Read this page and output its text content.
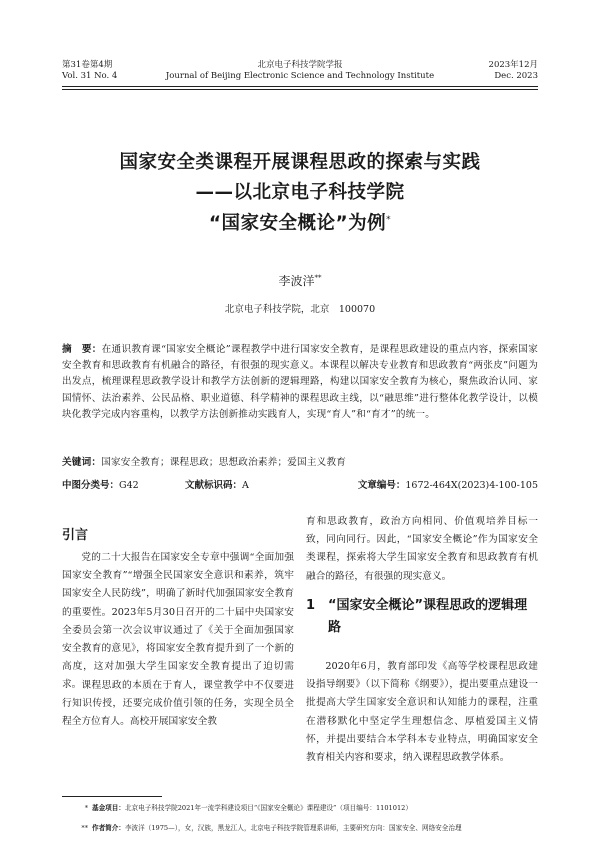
第31卷第4期
Vol. 31 No. 4
北京电子科技学院学报
Journal of Beijing Electronic Science and Technology Institute
2023年12月
Dec. 2023
国家安全类课程开展课程思政的探索与实践
——以北京电子科技学院
“国家安全概论”为例*
李波洋**
北京电子科技学院，北京　100070
摘　要：在通识教育课“国家安全概论”课程教学中进行国家安全教育，是课程思政建设的重点内容，探索国家安全教育和思政教育有机融合的路径，有很强的现实意义。本课程以解决专业教育和思政教育“两张皮”问题为出发点，梳理课程思政教学设计和教学方法创新的逻辑理路，构建以国家安全教育为核心，聚焦政治认同、家国情怀、法治素养、公民品格、职业道德、科学精神的课程思政主线，以“融思维”进行整体化教学设计，以模块化教学完成内容重构，以教学方法创新推动实践育人，实现“育人”和“育才”的统一。
关键词：国家安全教育；课程思政；思想政治素养；爱国主义教育
中图分类号：G42	文献标识码：A	文章编号：1672-464X(2023)4-100-105
引言
党的二十大报告在国家安全专章中强调“全面加强国家安全教育”“增强全民国家安全意识和素养，筑牢国家安全人民防线”，明确了新时代加强国家安全教育的重要性。2023年5月30日召开的二十届中央国家安全委员会第一次会议审议通过了《关于全面加强国家安全教育的意见》，将国家安全教育提升到了一个新的高度，这对加强大学生国家安全教育提出了迫切需求。 课程思政的本质在于育人，课堂教学中不仅要进行知识传授，还要完成价值引领的任务，实现全员全程全方位育人。高校开展国家安全教
育和思政教育，政治方向相同、价值观培养目标一致，同向同行。因此，“国家安全概论”作为国家安全类课程，探索将大学生国家安全教育和思政教育有机融合的路径，有很强的现实意义。
1 “国家安全概论”课程思政的逻辑理路
2020年6月，教育部印发《高等学校课程思政建设指导纲要》（以下简称《纲要》），提出要重点建设一批提高大学生国家安全意识和认知能力的课程，注重在潜移默化中坚定学生理想信念、厚植爱国主义情怀，并提出要结合本学科本专业特点，明确国家安全教育相关内容和要求，纳入课程思政教学体系。
* 基金项目：北京电子科技学院2021年一流学科建设项目“《国家安全概论》课程建设”（项目编号：1101012）
** 作者简介：李波洋（1975—），女，汉族，黑龙江人，北京电子科技学院管理系讲师，主要研究方向：国家安全、网络安全治理
